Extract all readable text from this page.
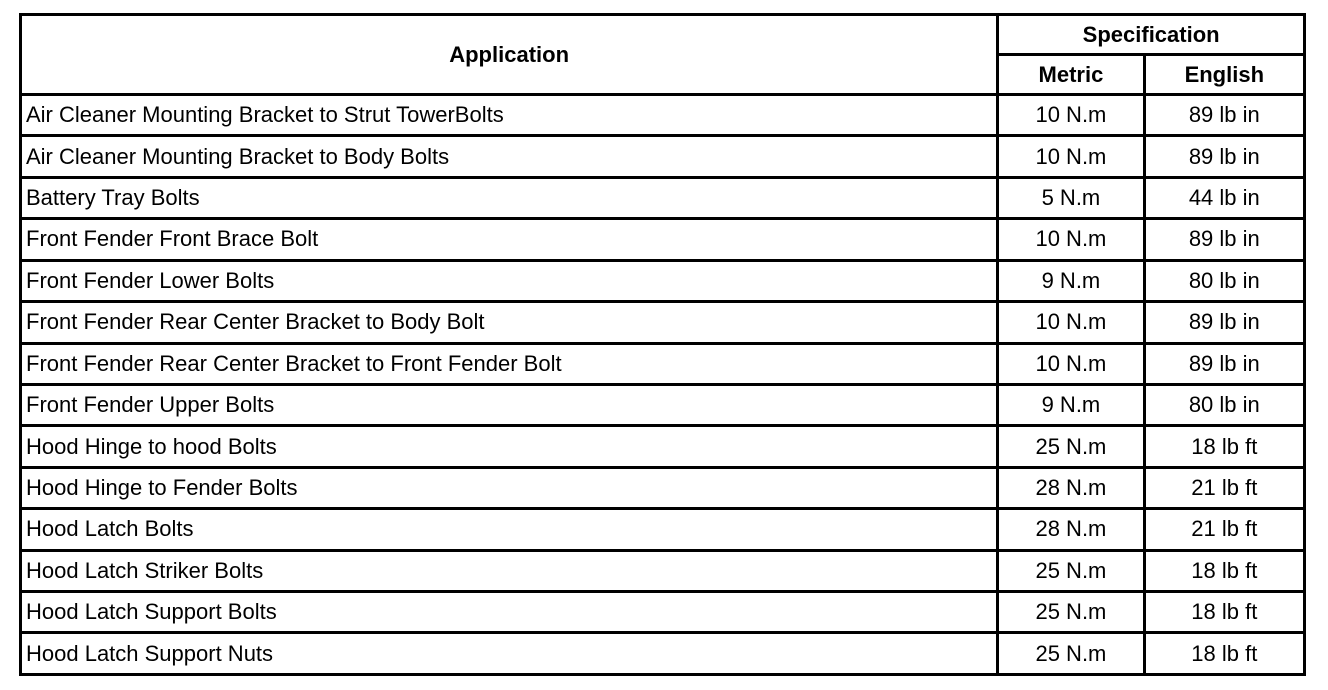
Application	Specification	
	Metric	English
Air Cleaner Mounting Bracket to Strut TowerBolts	10 N.m	89 lb in
Air Cleaner Mounting Bracket to Body Bolts	10 N.m	89 lb in
Battery Tray Bolts	5 N.m	44 lb in
Front Fender Front Brace Bolt	10 N.m	89 lb in
Front Fender Lower Bolts	9 N.m	80 lb in
Front Fender Rear Center Bracket to Body Bolt	10 N.m	89 lb in
Front Fender Rear Center Bracket to Front Fender Bolt	10 N.m	89 lb in
Front Fender Upper Bolts	9 N.m	80 lb in
Hood Hinge to hood Bolts	25 N.m	18 lb ft
Hood Hinge to Fender Bolts	28 N.m	21 lb ft
Hood Latch Bolts	28 N.m	21 lb ft
Hood Latch Striker Bolts	25 N.m	18 lb ft
Hood Latch Support Bolts	25 N.m	18 lb ft
Hood Latch Support Nuts	25 N.m	18 lb ft
